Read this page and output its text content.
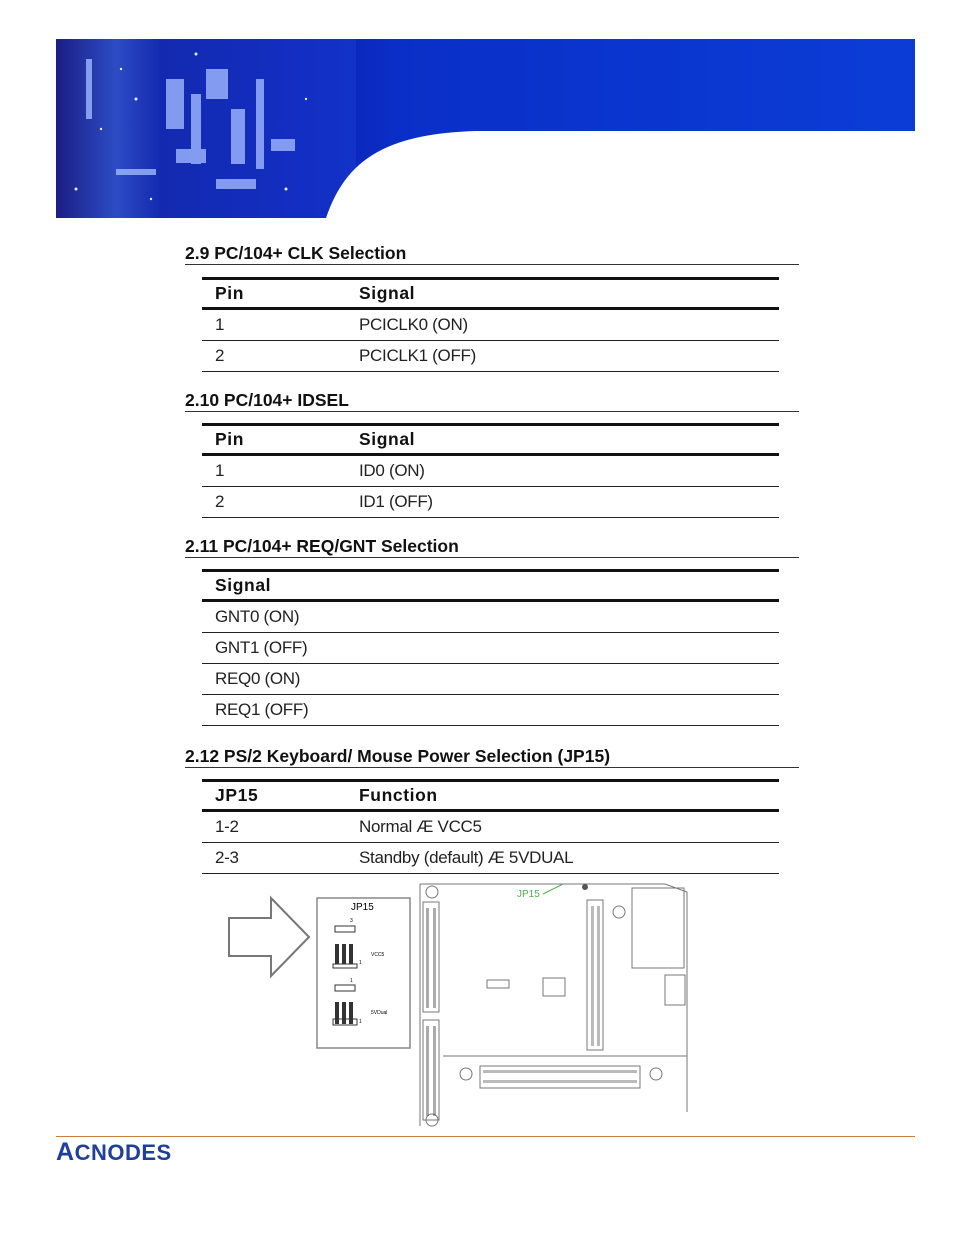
2.9 PC/104+ CLK Selection
Pin	Signal
1	PCICLK0 (ON)
2	PCICLK1 (OFF)
2.10 PC/104+ IDSEL
Pin	Signal
1	ID0 (ON)
2	ID1 (OFF)
2.11 PC/104+ REQ/GNT Selection
Signal
GNT0 (ON)
GNT1 (OFF)
REQ0 (ON)
REQ1 (OFF)
2.12 PS/2 Keyboard/ Mouse Power Selection (JP15)
JP15	Function
1-2	Normal Æ VCC5
2-3	Standby (default) Æ 5VDUAL
JP15
3
VCC5
1
1
5VDual
1
JP15
ACNODES
